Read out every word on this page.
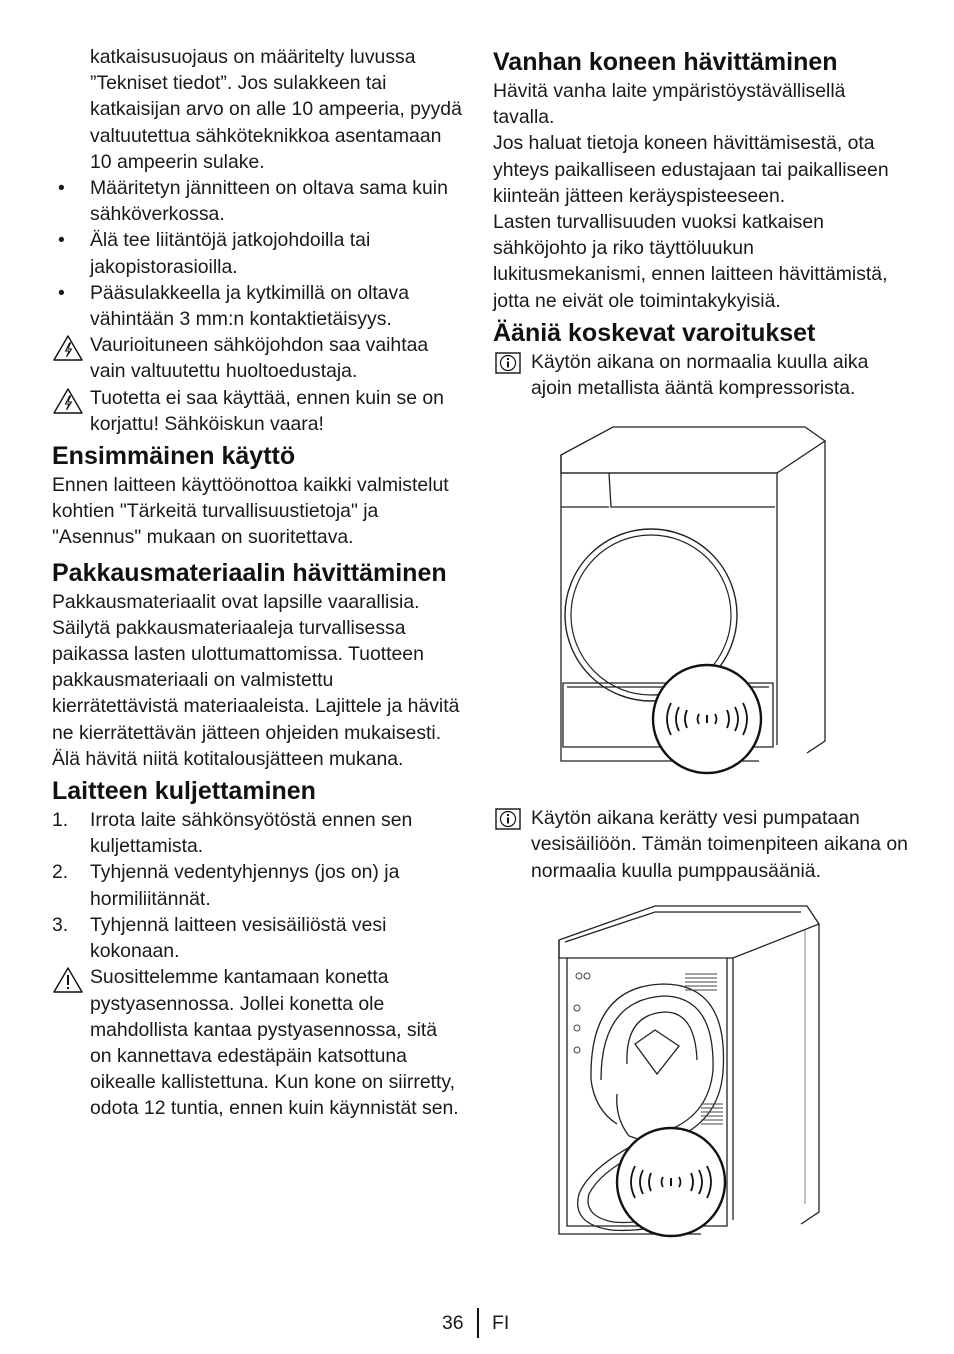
katkaisusuojaus on määritelty luvussa ”Tekniset tiedot”. Jos sulakkeen tai katkaisijan arvo on alle 10 ampeeria, pyydä valtuutettua sähköteknikkoa asentamaan 10 ampeerin sulake.

• Määritetyn jännitteen on oltava sama kuin sähköverkossa.
• Älä tee liitäntöjä jatkojohdoilla tai jakopistorasioilla.
• Pääsulakkeella ja kytkimillä on oltava vähintään 3 mm:n kontaktietäisyys.
Vaurioituneen sähköjohdon saa vaihtaa vain valtuutettu huoltoedustaja.
Tuotetta ei saa käyttää, ennen kuin se on korjattu! Sähköiskun vaara!
Ensimmäinen käyttö

Ennen laitteen käyttöönottoa kaikki valmistelut kohtien "Tärkeitä turvallisuustietoja" ja "Asennus" mukaan on suoritettava.

Pakkausmateriaalin hävittäminen

Pakkausmateriaalit ovat lapsille vaarallisia. Säilytä pakkausmateriaaleja turvallisessa paikassa lasten ulottumattomissa. Tuotteen pakkausmateriaali on valmistettu kierrätettävistä materiaaleista. Lajittele ja hävitä ne kierrätettävän jätteen ohjeiden mukaisesti. Älä hävitä niitä kotitalousjätteen mukana.

Laitteen kuljettaminen
1. Irrota laite sähkönsyötöstä ennen sen kuljettamista.
2. Tyhjennä vedentyhjennys (jos on) ja hormiliitännät.
3. Tyhjennä laitteen vesisäiliöstä vesi kokonaan.
Suosittelemme kantamaan konetta pystyasennossa. Jollei konetta ole mahdollista kantaa pystyasennossa, sitä on kannettava edestäpäin katsottuna oikealle kallistettuna. Kun kone on siirretty, odota 12 tuntia, ennen kuin käynnistät sen.
Vanhan koneen hävittäminen

Hävitä vanha laite ympäristöystävällisellä tavalla.
Jos haluat tietoja koneen hävittämisestä, ota yhteys paikalliseen edustajaan tai paikalliseen kiinteän jätteen keräyspisteeseen.
Lasten turvallisuuden vuoksi katkaisen sähköjohto ja riko täyttöluukun lukitusmekanismi, ennen laitteen hävittämistä, jotta ne eivät ole toimintakykyisiä.

Ääniä koskevat varoitukset
Käytön aikana on normaalia kuulla aika ajoin metallista ääntä kompressorista.
Käytön aikana kerätty vesi pumpataan vesisäiliöön. Tämän toimenpiteen aikana on normaalia kuulla pumppausääniä.
36 FI
